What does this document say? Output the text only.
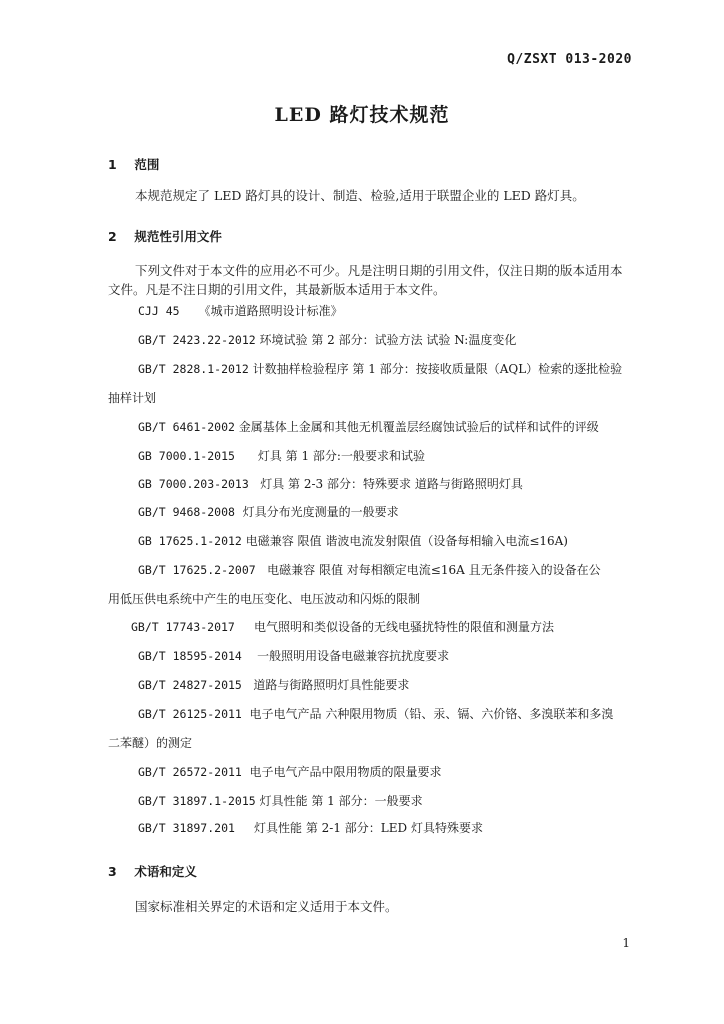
Q/ZSXT 013-2020
LED 路灯技术规范
1 范围

本规范规定了 LED 路灯具的设计、制造、检验,适用于联盟企业的 LED 路灯具。

2 规范性引用文件

下列文件对于本文件的应用必不可少。凡是注明日期的引用文件，仅注日期的版本适用本

文件。凡是不注日期的引用文件，其最新版本适用于本文件。

CJJ 45 《城市道路照明设计标准》

GB/T 2423.22-2012 环境试验 第 2 部分：试验方法 试验 N:温度变化

GB/T 2828.1-2012 计数抽样检验程序 第 1 部分：按接收质量限（AQL）检索的逐批检验

抽样计划

GB/T 6461-2002 金属基体上金属和其他无机覆盖层经腐蚀试验后的试样和试件的评级

GB 7000.1-2015 灯具 第 1 部分:一般要求和试验

GB 7000.203-2013 灯具 第 2-3 部分：特殊要求 道路与街路照明灯具

GB/T 9468-2008 灯具分布光度测量的一般要求

GB 17625.1-2012 电磁兼容 限值 谐波电流发射限值（设备每相输入电流≤16A)

GB/T 17625.2-2007 电磁兼容 限值 对每相额定电流≤16A 且无条件接入的设备在公

用低压供电系统中产生的电压变化、电压波动和闪烁的限制

GB/T 17743-2017 电气照明和类似设备的无线电骚扰特性的限值和测量方法

GB/T 18595-2014 一般照明用设备电磁兼容抗扰度要求

GB/T 24827-2015 道路与街路照明灯具性能要求

GB/T 26125-2011 电子电气产品 六种限用物质（铅、汞、镉、六价铬、多溴联苯和多溴

二苯醚）的测定

GB/T 26572-2011 电子电气产品中限用物质的限量要求

GB/T 31897.1-2015 灯具性能 第 1 部分：一般要求

GB/T 31897.201 灯具性能 第 2-1 部分：LED 灯具特殊要求

3 术语和定义

国家标准相关界定的术语和定义适用于本文件。

1
